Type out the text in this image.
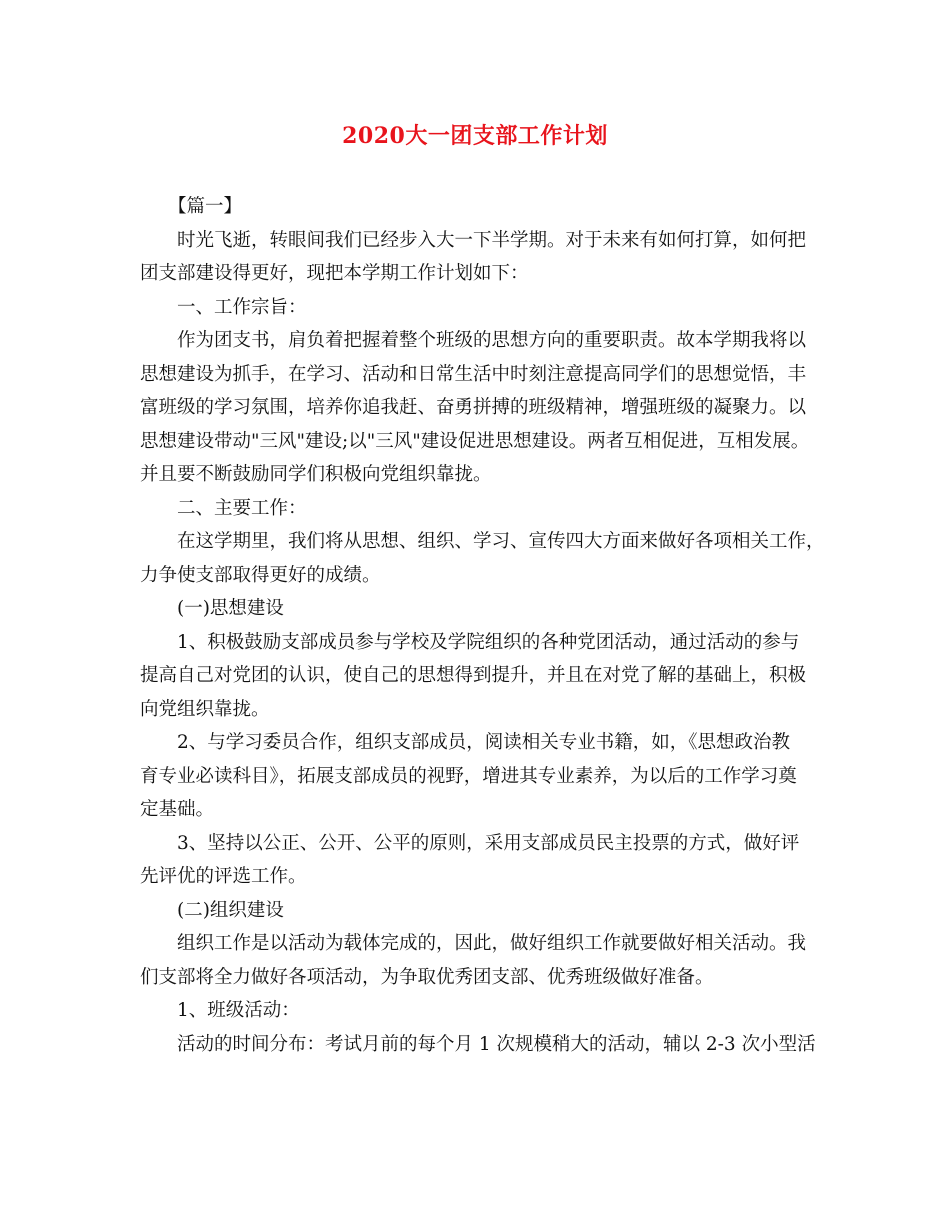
2020大一团支部工作计划
【篇一】
时光飞逝，转眼间我们已经步入大一下半学期。对于未来有如何打算，如何把
团支部建设得更好，现把本学期工作计划如下：
一、工作宗旨：
作为团支书，肩负着把握着整个班级的思想方向的重要职责。故本学期我将以
思想建设为抓手，在学习、活动和日常生活中时刻注意提高同学们的思想觉悟，丰
富班级的学习氛围，培养你追我赶、奋勇拼搏的班级精神，增强班级的凝聚力。以
思想建设带动"三风"建设;以"三风"建设促进思想建设。两者互相促进，互相发展。
并且要不断鼓励同学们积极向党组织靠拢。
二、主要工作：
在这学期里，我们将从思想、组织、学习、宣传四大方面来做好各项相关工作，
力争使支部取得更好的成绩。
(一)思想建设
1、积极鼓励支部成员参与学校及学院组织的各种党团活动，通过活动的参与
提高自己对党团的认识，使自己的思想得到提升，并且在对党了解的基础上，积极
向党组织靠拢。
2、与学习委员合作，组织支部成员，阅读相关专业书籍，如，《思想政治教
育专业必读科目》，拓展支部成员的视野，增进其专业素养，为以后的工作学习奠
定基础。
3、坚持以公正、公开、公平的原则，采用支部成员民主投票的方式，做好评
先评优的评选工作。
(二)组织建设
组织工作是以活动为载体完成的，因此，做好组织工作就要做好相关活动。我
们支部将全力做好各项活动，为争取优秀团支部、优秀班级做好准备。
1、班级活动：
活动的时间分布：考试月前的每个月 1 次规模稍大的活动，辅以 2-3 次小型活
